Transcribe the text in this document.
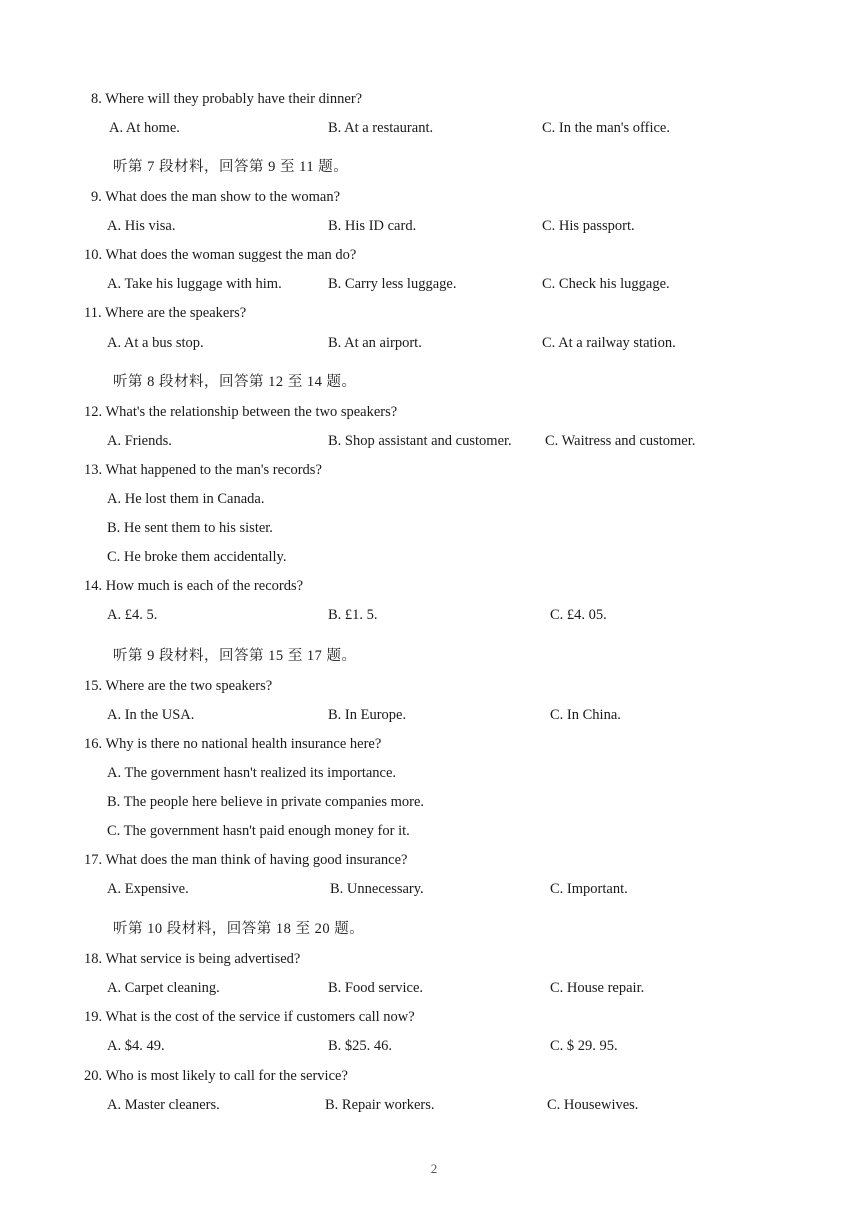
8. Where will they probably have their dinner?
A. At home.	B. At a restaurant.	C. In the man's office.
听第 7 段材料，回答第 9 至 11 题。
9. What does the man show to the woman?
A. His visa.	B. His ID card.	C. His passport.
10. What does the woman suggest the man do?
A. Take his luggage with him.	B. Carry less luggage.	C. Check his luggage.
11. Where are the speakers?
A. At a bus stop.	B. At an airport.	C. At a railway station.
听第 8 段材料，回答第 12 至 14 题。
12. What's the relationship between the two speakers?
A. Friends.	B. Shop assistant and customer. C. Waitress and customer.
13. What happened to the man's records?
A. He lost them in Canada.
B. He sent them to his sister.
C. He broke them accidentally.
14. How much is each of the records?
A. £4. 5.	B. £1. 5.	C. £4. 05.
听第 9 段材料，回答第 15 至 17 题。
15. Where are the two speakers?
A. In the USA.	B. In Europe.	C. In China.
16. Why is there no national health insurance here?
A. The government hasn't realized its importance.
B. The people here believe in private companies more.
C. The government hasn't paid enough money for it.
17. What does the man think of having good insurance?
A. Expensive.	B. Unnecessary.	C. Important.
听第 10 段材料，回答第 18 至 20 题。
18. What service is being advertised?
A. Carpet cleaning.	B. Food service.	C. House repair.
19. What is the cost of the service if customers call now?
A. $4. 49.	B. $25. 46.	C. $ 29. 95.
20. Who is most likely to call for the service?
A. Master cleaners.	B. Repair workers.	C. Housewives.
2
